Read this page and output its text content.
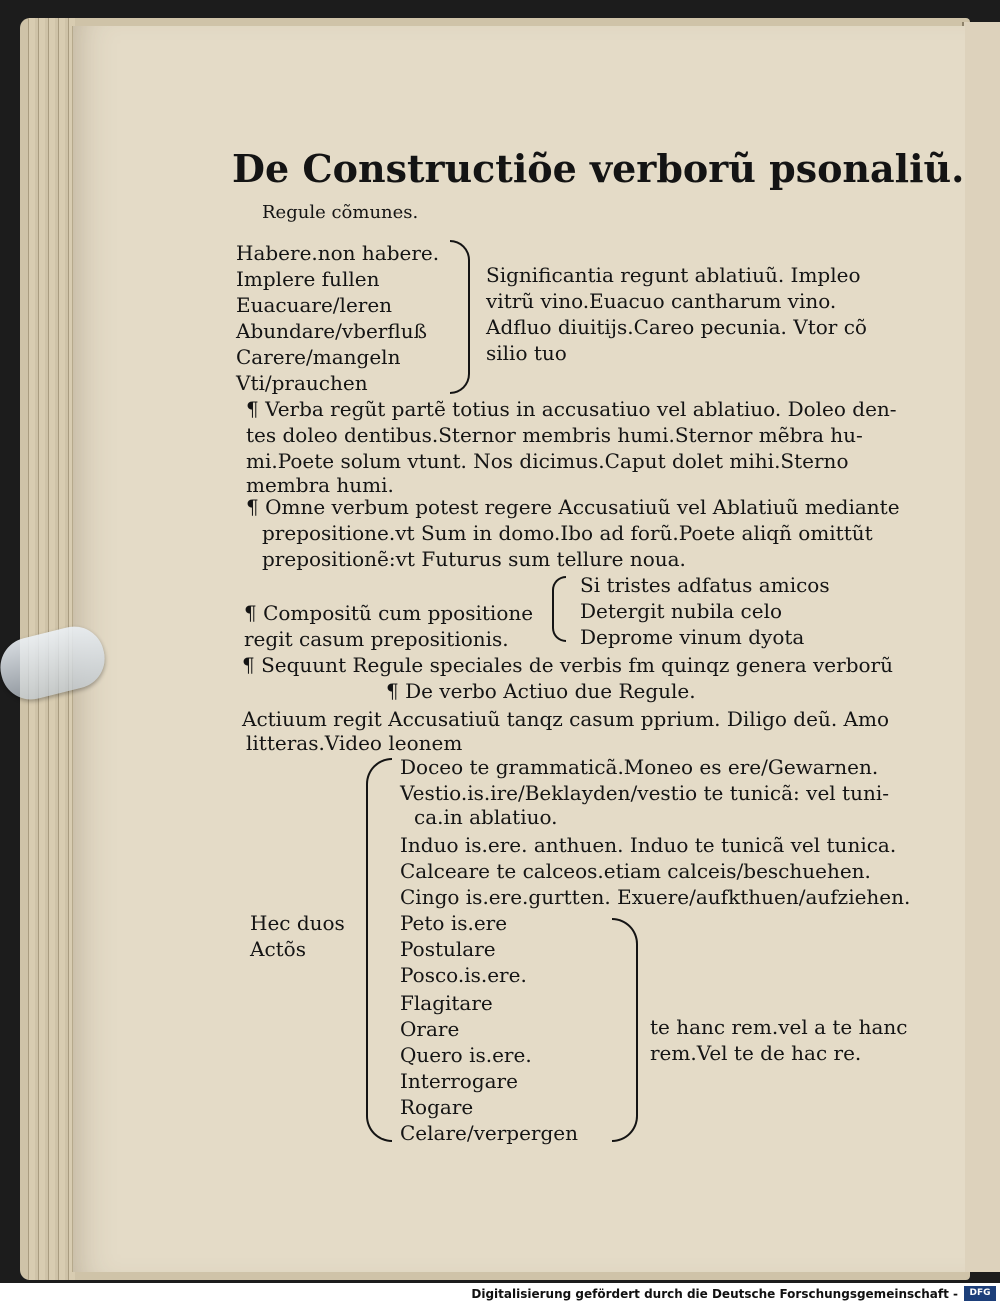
De Constructiõe verborũ psonaliũ.
Regule cõmunes.
Habere.non habere.
Implere fullen
Euacuare/leren
Abundare/vberfluß
Carere/mangeln
Vti/prauchen
Significantia regunt ablatiuũ. Impleo
vitrũ vino.Euacuo cantharum vino.
Adfluo diuitijs.Careo pecunia. Vtor cõ
silio tuo
¶ Verba regũt partẽ totius in accusatiuo vel ablatiuo. Doleo den-
tes doleo dentibus.Sternor membris humi.Sternor mẽbra hu-
mi.Poete solum vtunt. Nos dicimus.Caput dolet mihi.Sterno
membra humi.
¶ Omne verbum potest regere Accusatiuũ vel Ablatiuũ mediante
prepositione.vt Sum in domo.Ibo ad forũ.Poete aliqñ omittũt
prepositionẽ:vt Futurus sum tellure noua.
¶ Compositũ cum ppositione
regit casum prepositionis.
Si tristes adfatus amicos
Detergit nubila celo
Deprome vinum dyota
¶ Sequunt Regule speciales de verbis fm quinqz genera verborũ
¶ De verbo Actiuo due Regule.
Actiuum regit Accusatiuũ tanqz casum pprium. Diligo deũ. Amo
litteras.Video leonem
Doceo te grammaticã.Moneo es ere/Gewarnen.
Vestio.is.ire/Beklayden/vestio te tunicã: vel tuni-
ca.in ablatiuo.
Induo is.ere. anthuen. Induo te tunicã vel tunica.
Calceare te calceos.etiam calceis/beschuehen.
Cingo is.ere.gurtten. Exuere/aufkthuen/aufziehen.
Hec duos
Actõs
Peto is.ere
Postulare
Posco.is.ere.
Flagitare
Orare
Quero is.ere.
Interrogare
Rogare
Celare/verpergen
te hanc rem.vel a te hanc
rem.Vel te de hac re.
Digitalisierung gefördert durch die Deutsche Forschungsgemeinschaft -	DFG
